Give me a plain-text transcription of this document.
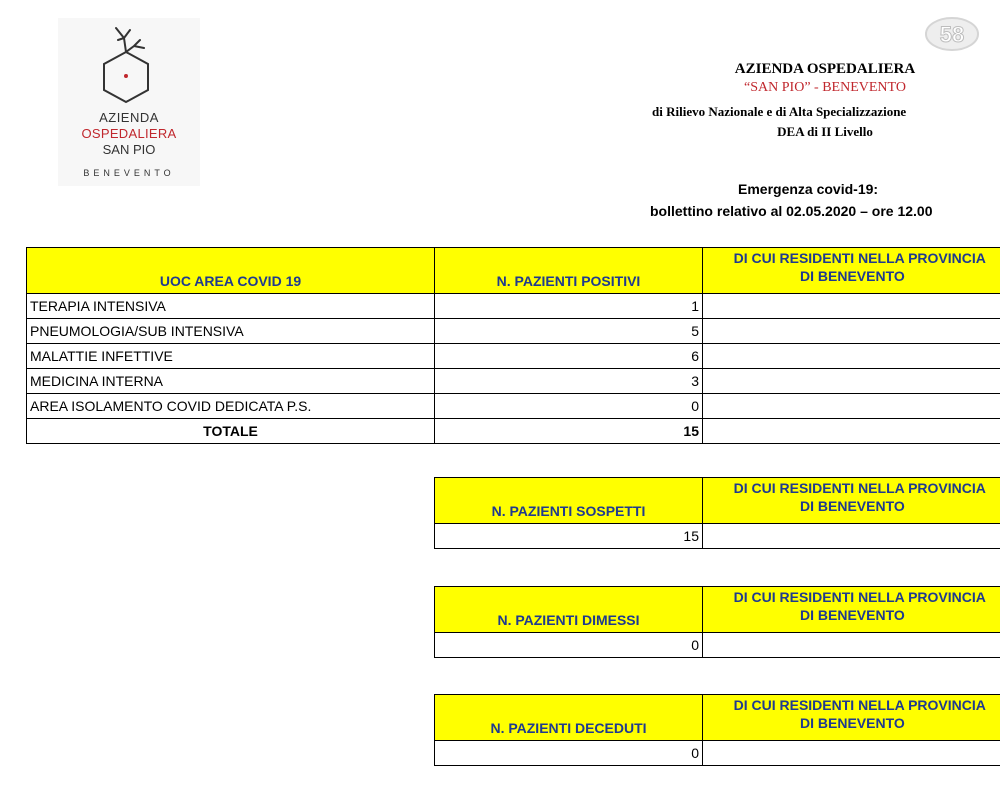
AZIENDA
OSPEDALIERA
SAN PIO
BENEVENTO
58
AZIENDA OSPEDALIERA
“SAN PIO” - BENEVENTO
di Rilievo Nazionale e di Alta Specializzazione
DEA di II Livello
Emergenza covid-19:
bollettino relativo al 02.05.2020 – ore 12.00
UOC AREA COVID 19	N. PAZIENTI POSITIVI	DI CUI RESIDENTI NELLA PROVINCIA
DI BENEVENTO

TERAPIA INTENSIVA	1	
PNEUMOLOGIA/SUB INTENSIVA	5	
MALATTIE INFETTIVE	6	
MEDICINA INTERNA	3	
AREA ISOLAMENTO COVID DEDICATA P.S.	0	
TOTALE	15	
N. PAZIENTI SOSPETTI	DI CUI RESIDENTI NELLA PROVINCIA
DI BENEVENTO

15	
N. PAZIENTI DIMESSI	DI CUI RESIDENTI NELLA PROVINCIA
DI BENEVENTO

0	
N. PAZIENTI DECEDUTI	DI CUI RESIDENTI NELLA PROVINCIA
DI BENEVENTO

0	
